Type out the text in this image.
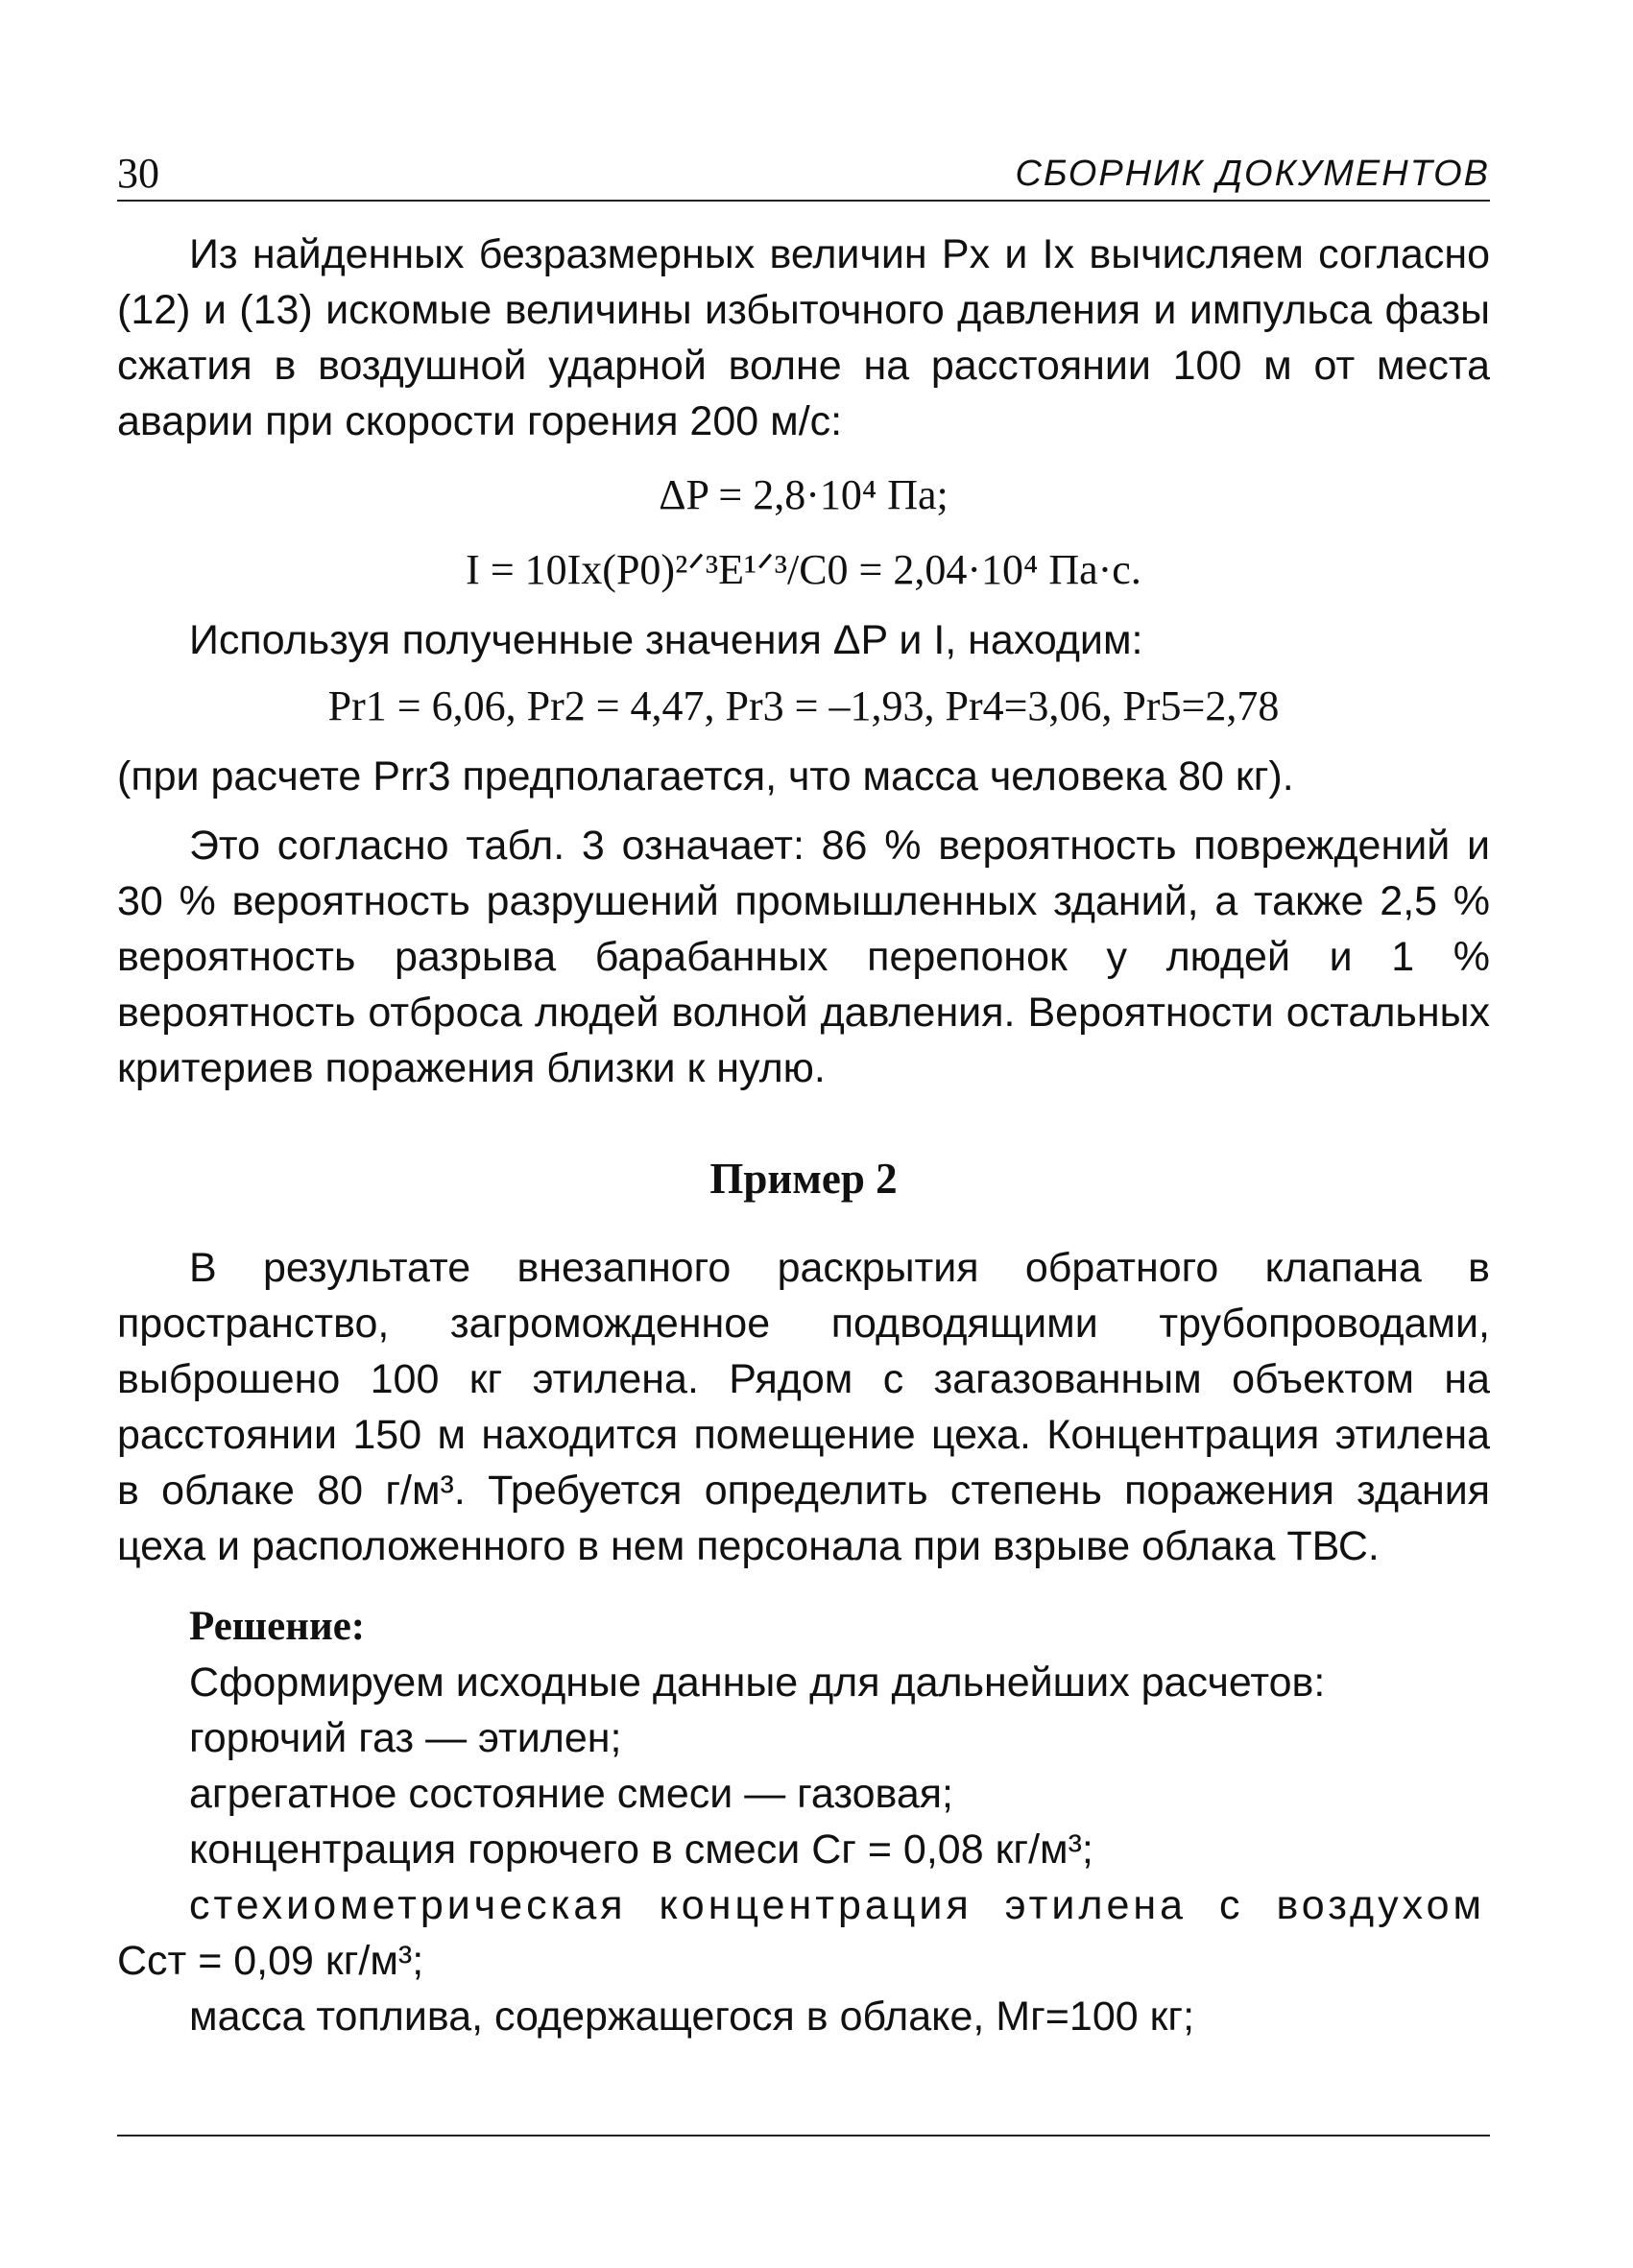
30	СБОРНИК ДОКУМЕНТОВ

Из найденных безразмерных величин Px и Ix вычисляем согласно (12) и (13) искомые величины избыточного давления и импульса фазы сжатия в воздушной ударной волне на расстоянии 100 м от места аварии при скорости горения 200 м/с:

ΔP = 2,8·10⁴ Па;
I = 10Ix(P0)²ᐟ³E¹ᐟ³/C0 = 2,04·10⁴ Па·с.

Используя полученные значения ΔP и I, находим:

Pr1 = 6,06, Pr2 = 4,47, Pr3 = –1,93, Pr4=3,06, Pr5=2,78

(при расчете Prr3 предполагается, что масса человека 80 кг).

Это согласно табл. 3 означает: 86 % вероятность повреждений и 30 % вероятность разрушений промышленных зданий, а также 2,5 % вероятность разрыва барабанных перепонок у людей и 1 % вероятность отброса людей волной давления. Вероятности остальных критериев поражения близки к нулю.

Пример 2

В результате внезапного раскрытия обратного клапана в пространство, загроможденное подводящими трубопроводами, выброшено 100 кг этилена. Рядом с загазованным объектом на расстоянии 150 м находится помещение цеха. Концентрация этилена в облаке 80 г/м³. Требуется определить степень поражения здания цеха и расположенного в нем персонала при взрыве облака ТВС.

Решение:
Сформируем исходные данные для дальнейших расчетов:
горючий газ — этилен;
агрегатное состояние смеси — газовая;
концентрация горючего в смеси Cг = 0,08 кг/м³;
стехиометрическая концентрация этилена с воздухом
Cст = 0,09 кг/м³;
масса топлива, содержащегося в облаке, Mг=100 кг;
